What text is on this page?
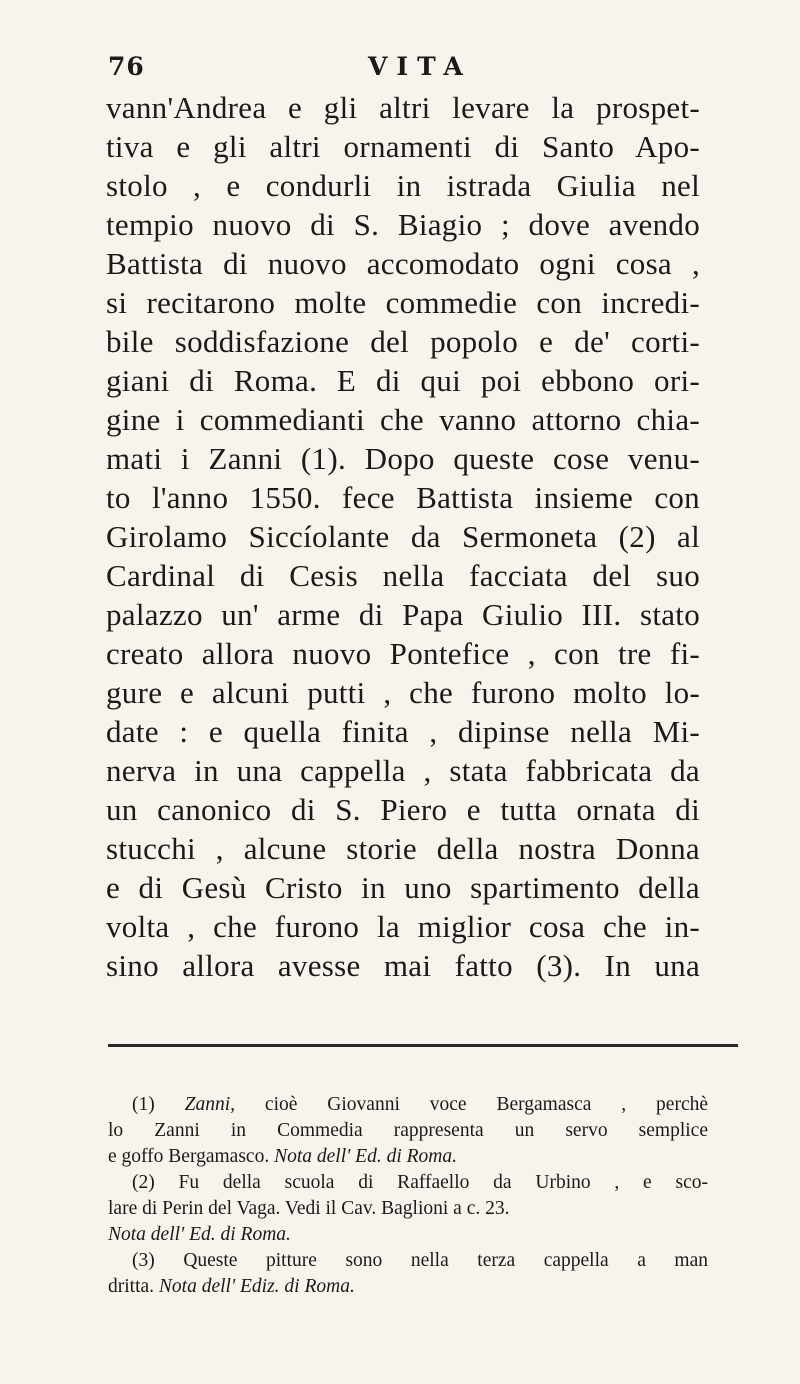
76	VITA
vann'Andrea e gli altri levare la prospet-
tiva e gli altri ornamenti di Santo Apo-
stolo , e condurli in istrada Giulia nel
tempio nuovo di S. Biagio ; dove avendo
Battista di nuovo accomodato ogni cosa ,
si recitarono molte commedie con incredi-
bile soddisfazione del popolo e de' corti-
giani di Roma. E di qui poi ebbono ori-
gine i commedianti che vanno attorno chia-
mati i Zanni (1). Dopo queste cose venu-
to l'anno 1550. fece Battista insieme con
Girolamo Siccíolante da Sermoneta (2) al
Cardinal di Cesis nella facciata del suo
palazzo un' arme di Papa Giulio III. stato
creato allora nuovo Pontefice , con tre fi-
gure e alcuni putti , che furono molto lo-
date : e quella finita , dipinse nella Mi-
nerva in una cappella , stata fabbricata da
un canonico di S. Piero e tutta ornata di
stucchi , alcune storie della nostra Donna
e di Gesù Cristo in uno spartimento della
volta , che furono la miglior cosa che in-
sino allora avesse mai fatto (3). In una
(1) Zanni, cioè Giovanni voce Bergamasca , perchè
lo Zanni in Commedia rappresenta un servo semplice
e goffo Bergamasco. Nota dell' Ed. di Roma.
(2) Fu della scuola di Raffaello da Urbino , e sco-
lare di Perin del Vaga. Vedi il Cav. Baglioni a c. 23.
Nota dell' Ed. di Roma.
(3) Queste pitture sono nella terza cappella a man
dritta. Nota dell' Ediz. di Roma.
